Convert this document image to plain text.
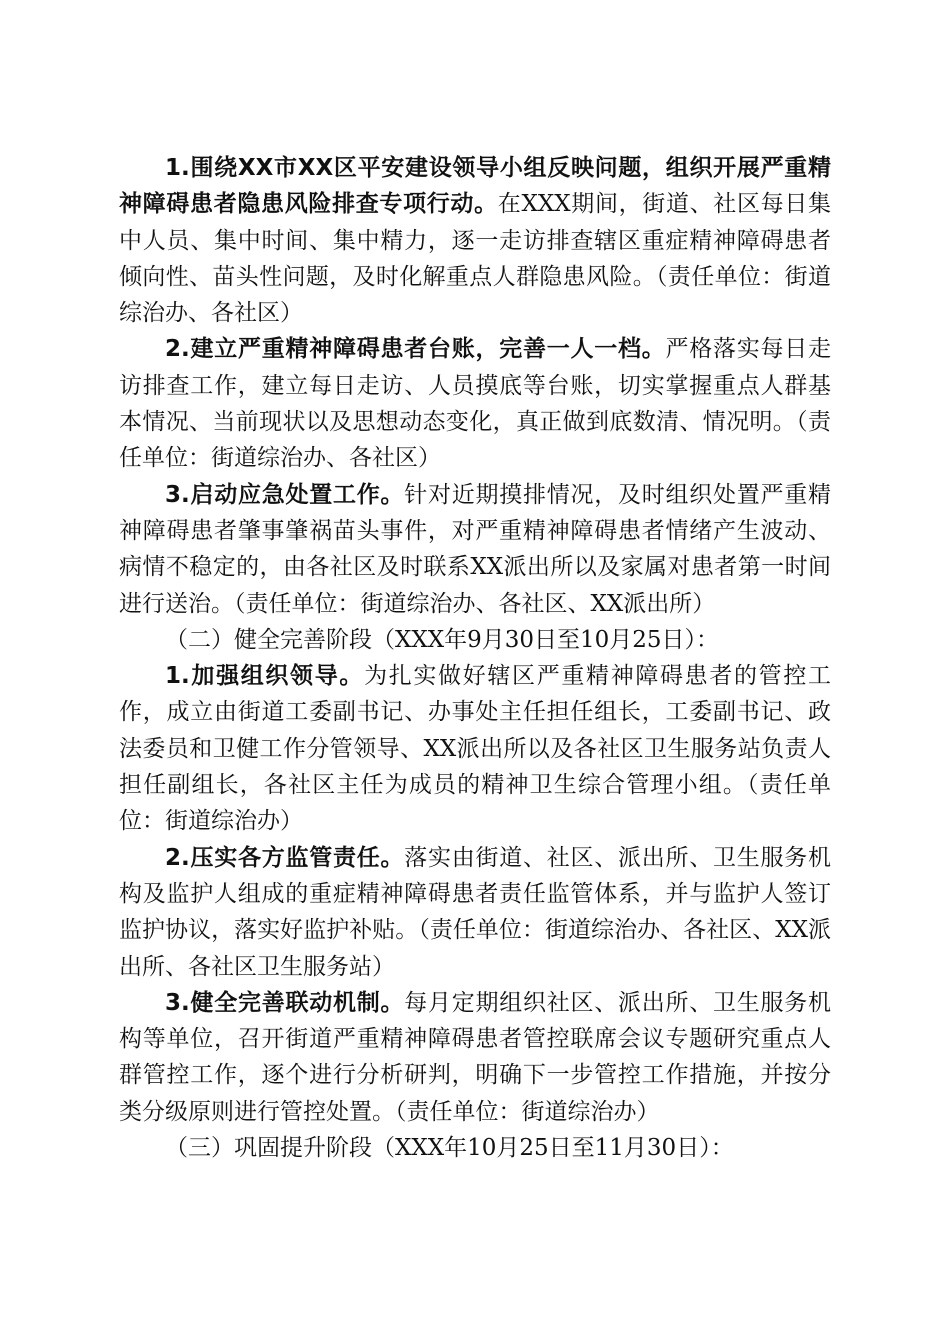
1.围绕XX市XX区平安建设领导小组反映问题，组织开展严重精神障碍患者隐患风险排查专项行动。在XXX期间，街道、社区每日集中人员、集中时间、集中精力，逐一走访排查辖区重症精神障碍患者倾向性、苗头性问题，及时化解重点人群隐患风险。（责任单位：街道综治办、各社区）

2.建立严重精神障碍患者台账，完善一人一档。严格落实每日走访排查工作，建立每日走访、人员摸底等台账，切实掌握重点人群基本情况、当前现状以及思想动态变化，真正做到底数清、情况明。（责任单位：街道综治办、各社区）

3.启动应急处置工作。针对近期摸排情况，及时组织处置严重精神障碍患者肇事肇祸苗头事件，对严重精神障碍患者情绪产生波动、病情不稳定的，由各社区及时联系XX派出所以及家属对患者第一时间进行送治。（责任单位：街道综治办、各社区、XX派出所）

（二）健全完善阶段（XXX年9月30日至10月25日）：

1.加强组织领导。为扎实做好辖区严重精神障碍患者的管控工作，成立由街道工委副书记、办事处主任担任组长，工委副书记、政法委员和卫健工作分管领导、XX派出所以及各社区卫生服务站负责人担任副组长，各社区主任为成员的精神卫生综合管理小组。（责任单位：街道综治办）

2.压实各方监管责任。落实由街道、社区、派出所、卫生服务机构及监护人组成的重症精神障碍患者责任监管体系，并与监护人签订监护协议，落实好监护补贴。（责任单位：街道综治办、各社区、XX派出所、各社区卫生服务站）

3.健全完善联动机制。每月定期组织社区、派出所、卫生服务机构等单位，召开街道严重精神障碍患者管控联席会议专题研究重点人群管控工作，逐个进行分析研判，明确下一步管控工作措施，并按分类分级原则进行管控处置。（责任单位：街道综治办）

（三）巩固提升阶段（XXX年10月25日至11月30日）：
